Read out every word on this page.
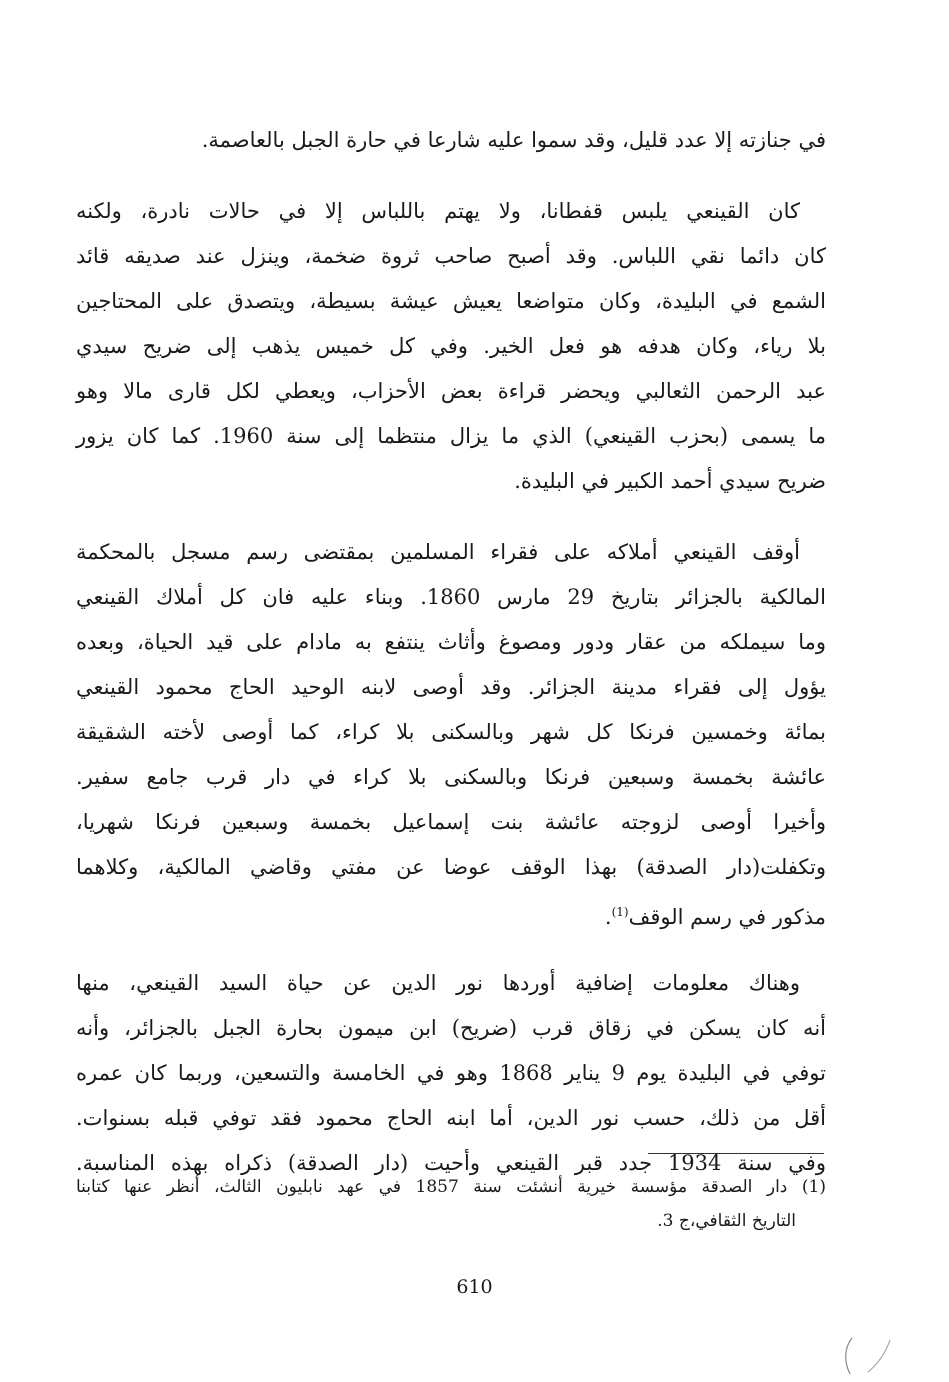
في جنازته إلا عدد قليل، وقد سموا عليه شارعا في حارة الجبل بالعاصمة.
كان القينعي يلبس قفطانا، ولا يهتم باللباس إلا في حالات نادرة، ولكنه
كان دائما نقي اللباس. وقد أصبح صاحب ثروة ضخمة، وينزل عند صديقه قائد
الشمع في البليدة، وكان متواضعا يعيش عيشة بسيطة، ويتصدق على المحتاجين
بلا رياء، وكان هدفه هو فعل الخير. وفي كل خميس يذهب إلى ضريح سيدي
عبد الرحمن الثعالبي ويحضر قراءة بعض الأحزاب، ويعطي لكل قارى مالا وهو
ما يسمى (بحزب القينعي) الذي ما يزال منتظما إلى سنة 1960. كما كان يزور
ضريح سيدي أحمد الكبير في البليدة.
أوقف القينعي أملاكه على فقراء المسلمين بمقتضى رسم مسجل بالمحكمة
المالكية بالجزائر بتاريخ 29 مارس 1860. وبناء عليه فان كل أملاك القينعي
وما سيملكه من عقار ودور ومصوغ وأثاث ينتفع به مادام على قيد الحياة، وبعده
يؤول إلى فقراء مدينة الجزائر. وقد أوصى لابنه الوحيد الحاج محمود القينعي
بمائة وخمسين فرنكا كل شهر وبالسكنى بلا كراء، كما أوصى لأخته الشقيقة
عائشة بخمسة وسبعين فرنكا وبالسكنى بلا كراء في دار قرب جامع سفير.
وأخيرا أوصى لزوجته عائشة بنت إسماعيل بخمسة وسبعين فرنكا شهريا،
وتكفلت(دار الصدقة) بهذا الوقف عوضا عن مفتي وقاضي المالكية، وكلاهما
مذكور في رسم الوقف$^{(1)}$.
وهناك معلومات إضافية أوردها نور الدين عن حياة السيد القينعي، منها
أنه كان يسكن في زقاق قرب (ضريح) ابن ميمون بحارة الجبل بالجزائر، وأنه
توفي في البليدة يوم 9 يناير 1868 وهو في الخامسة والتسعين، وربما كان عمره
أقل من ذلك، حسب نور الدين، أما ابنه الحاج محمود فقد توفي قبله بسنوات.
وفي سنة 1934 جدد قبر القينعي وأحيت (دار الصدقة) ذكراه بهذه المناسبة.
(1) دار الصدقة مؤسسة خيرية أنشئت سنة 1857 في عهد نابليون الثالث، أنظر عنها كتابنا
التاريخ الثقافي،ج 3.
610
